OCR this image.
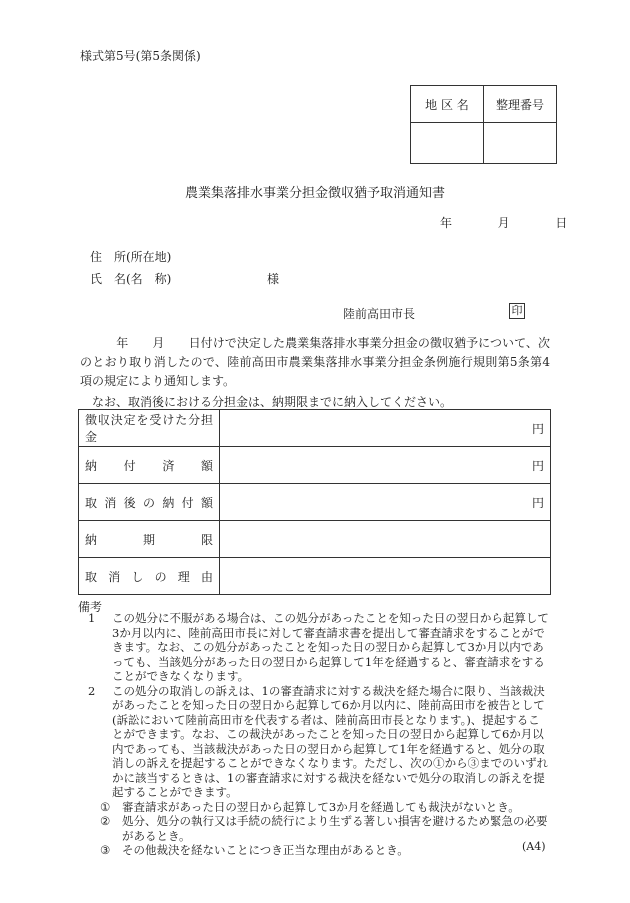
様式第5号(第5条関係)
地 区 名	整理番号

農業集落排水事業分担金徴収猶予取消通知書
年	月	日
住　所(所在地)
氏　名(名　称)	様
陸前高田市長	印
　　　年　　月　　日付けで決定した農業集落排水事業分担金の徴収猶予について、次のとおり取り消したので、陸前高田市農業集落排水事業分担金条例施行規則第5条第4項の規定により通知します。
なお、取消後における分担金は、納期限までに納入してください。
徴収決定を受けた分担金	円
納付済額	円
取消後の納付額	円
納期限	
取消しの理由	
備考
1 この処分に不服がある場合は、この処分があったことを知った日の翌日から起算して3か月以内に、陸前高田市長に対して審査請求書を提出して審査請求をすることができます。なお、この処分があったことを知った日の翌日から起算して3か月以内であっても、当該処分があった日の翌日から起算して1年を経過すると、審査請求をすることができなくなります。
2 この処分の取消しの訴えは、1の審査請求に対する裁決を経た場合に限り、当該裁決があったことを知った日の翌日から起算して6か月以内に、陸前高田市を被告として(訴訟において陸前高田市を代表する者は、陸前高田市長となります。)、提起することができます。なお、この裁決があったことを知った日の翌日から起算して6か月以内であっても、当該裁決があった日の翌日から起算して1年を経過すると、処分の取消しの訴えを提起することができなくなります。ただし、次の①から③までのいずれかに該当するときは、1の審査請求に対する裁決を経ないで処分の取消しの訴えを提起することができます。
① 審査請求があった日の翌日から起算して3か月を経過しても裁決がないとき。
② 処分、処分の執行又は手続の続行により生ずる著しい損害を避けるため緊急の必要があるとき。
③ その他裁決を経ないことにつき正当な理由があるとき。	(A4)
